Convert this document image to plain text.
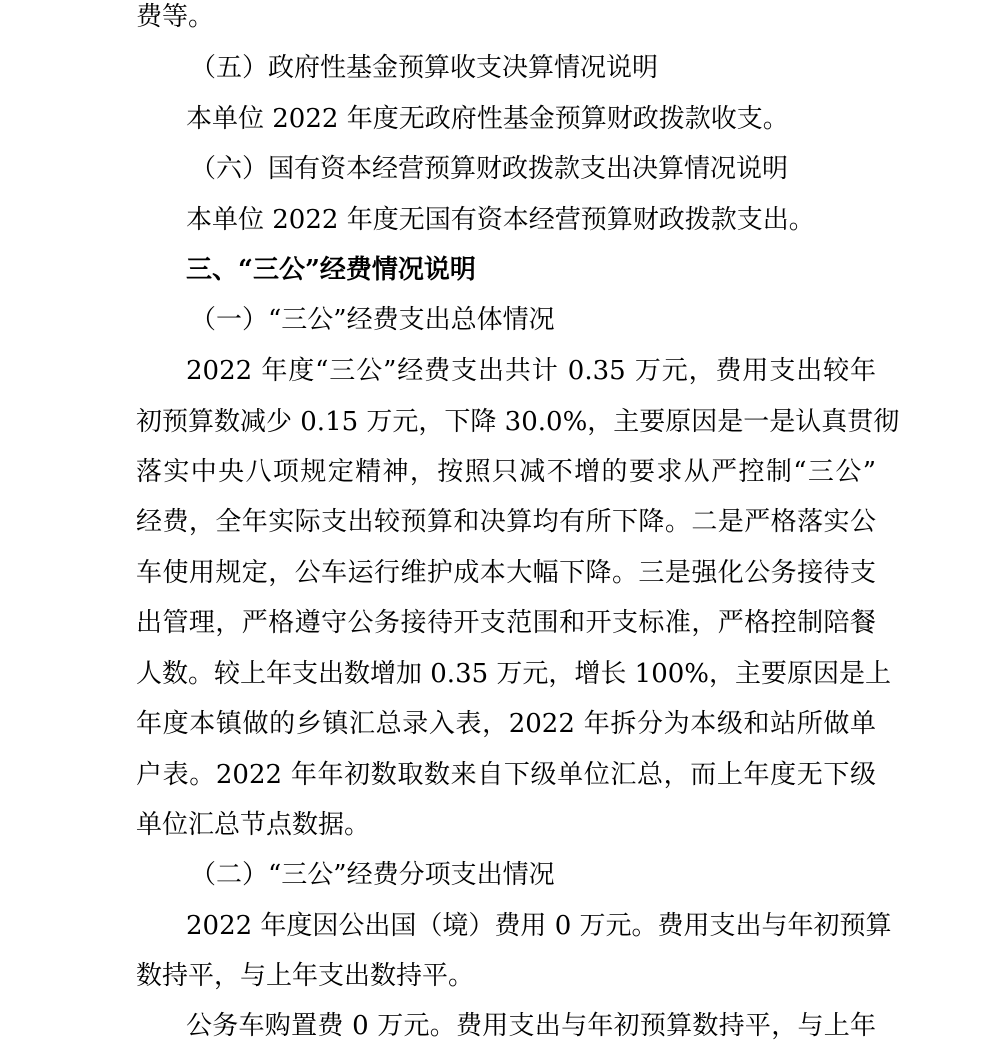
费等。
（五）政府性基金预算收支决算情况说明
本单位 2022 年度无政府性基金预算财政拨款收支。
（六）国有资本经营预算财政拨款支出决算情况说明
本单位 2022 年度无国有资本经营预算财政拨款支出。
三、“三公”经费情况说明
（一）“三公”经费支出总体情况
2022 年度“三公”经费支出共计 0.35 万元，费用支出较年
初预算数减少 0.15 万元，下降 30.0%，主要原因是一是认真贯彻
落实中央八项规定精神，按照只减不增的要求从严控制“三公”
经费，全年实际支出较预算和决算均有所下降。二是严格落实公
车使用规定，公车运行维护成本大幅下降。三是强化公务接待支
出管理，严格遵守公务接待开支范围和开支标准，严格控制陪餐
人数。较上年支出数增加 0.35 万元，增长 100%，主要原因是上
年度本镇做的乡镇汇总录入表，2022 年拆分为本级和站所做单
户表。2022 年年初数取数来自下级单位汇总，而上年度无下级
单位汇总节点数据。
（二）“三公”经费分项支出情况
2022 年度因公出国（境）费用 0 万元。费用支出与年初预算
数持平，与上年支出数持平。
公务车购置费 0 万元。费用支出与年初预算数持平，与上年
